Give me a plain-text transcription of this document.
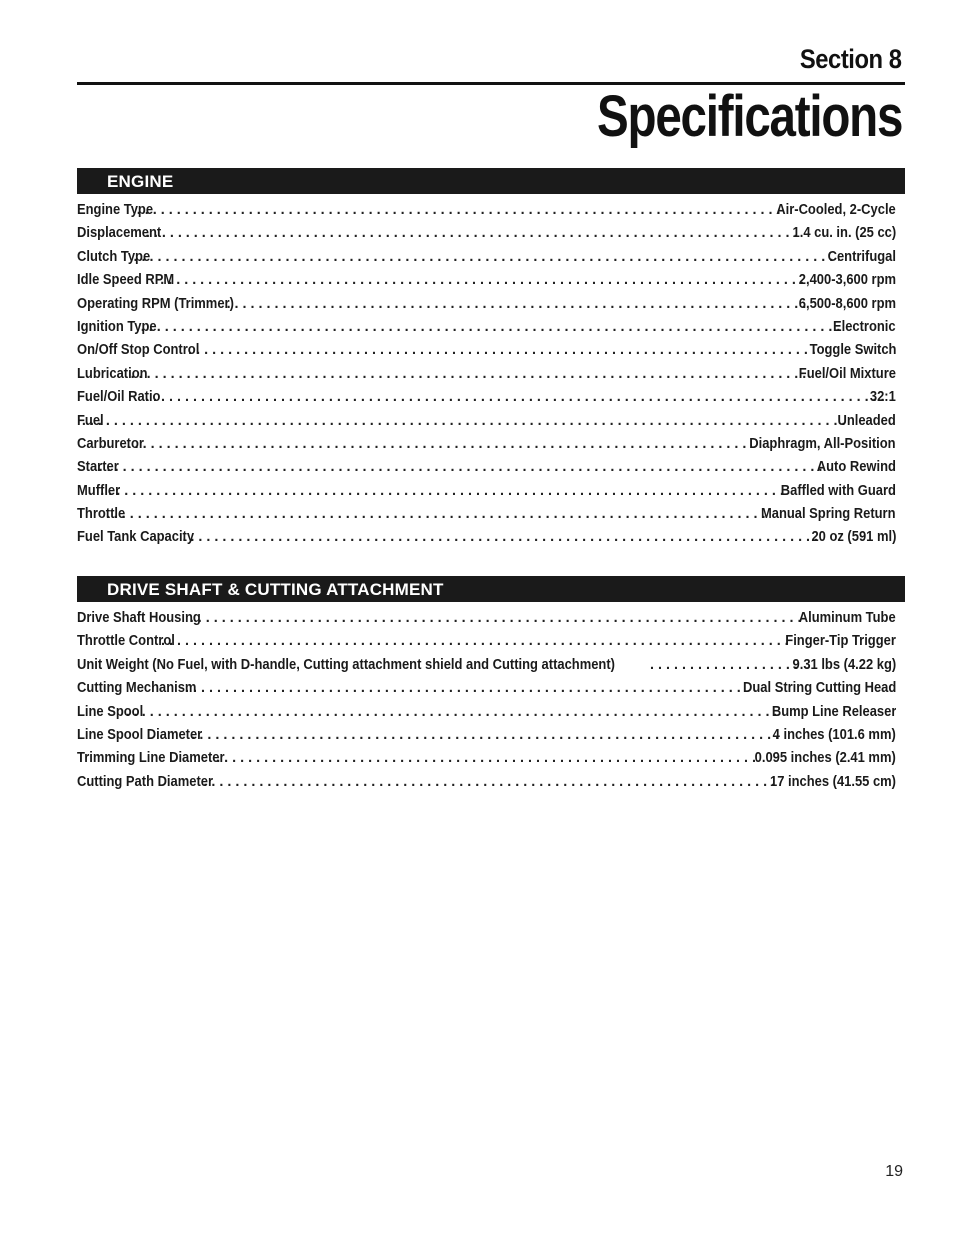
Section 8
Specifications
ENGINE
Engine Type . . .	Air-Cooled, 2-Cycle
Displacement . . .	1.4 cu. in. (25 cc)
Clutch Type . . .	Centrifugal
Idle Speed RPM . . .	2,400-3,600 rpm
Operating RPM (Trimmer) . . .	6,500-8,600 rpm
Ignition Type . . .	Electronic
On/Off Stop Control . . .	Toggle Switch
Lubrication . . .	Fuel/Oil Mixture
Fuel/Oil Ratio . . .	32:1
Fuel . . .	Unleaded
Carburetor . . .	Diaphragm, All-Position
Starter . . .	Auto Rewind
Muffler . . .	Baffled with Guard
Throttle . . .	Manual Spring Return
Fuel Tank Capacity . . .	20 oz (591 ml)
DRIVE SHAFT & CUTTING ATTACHMENT
Drive Shaft Housing . . .	Aluminum Tube
Throttle Control . . .	Finger-Tip Trigger
Unit Weight (No Fuel, with D-handle, Cutting attachment shield and Cutting attachment) . . .	9.31 lbs (4.22 kg)
Cutting Mechanism . . .	Dual String Cutting Head
Line Spool . . .	Bump Line Releaser
Line Spool Diameter . . .	4 inches (101.6 mm)
Trimming Line Diameter . . .	0.095 inches (2.41 mm)
Cutting Path Diameter . . .	17 inches (41.55 cm)
19
